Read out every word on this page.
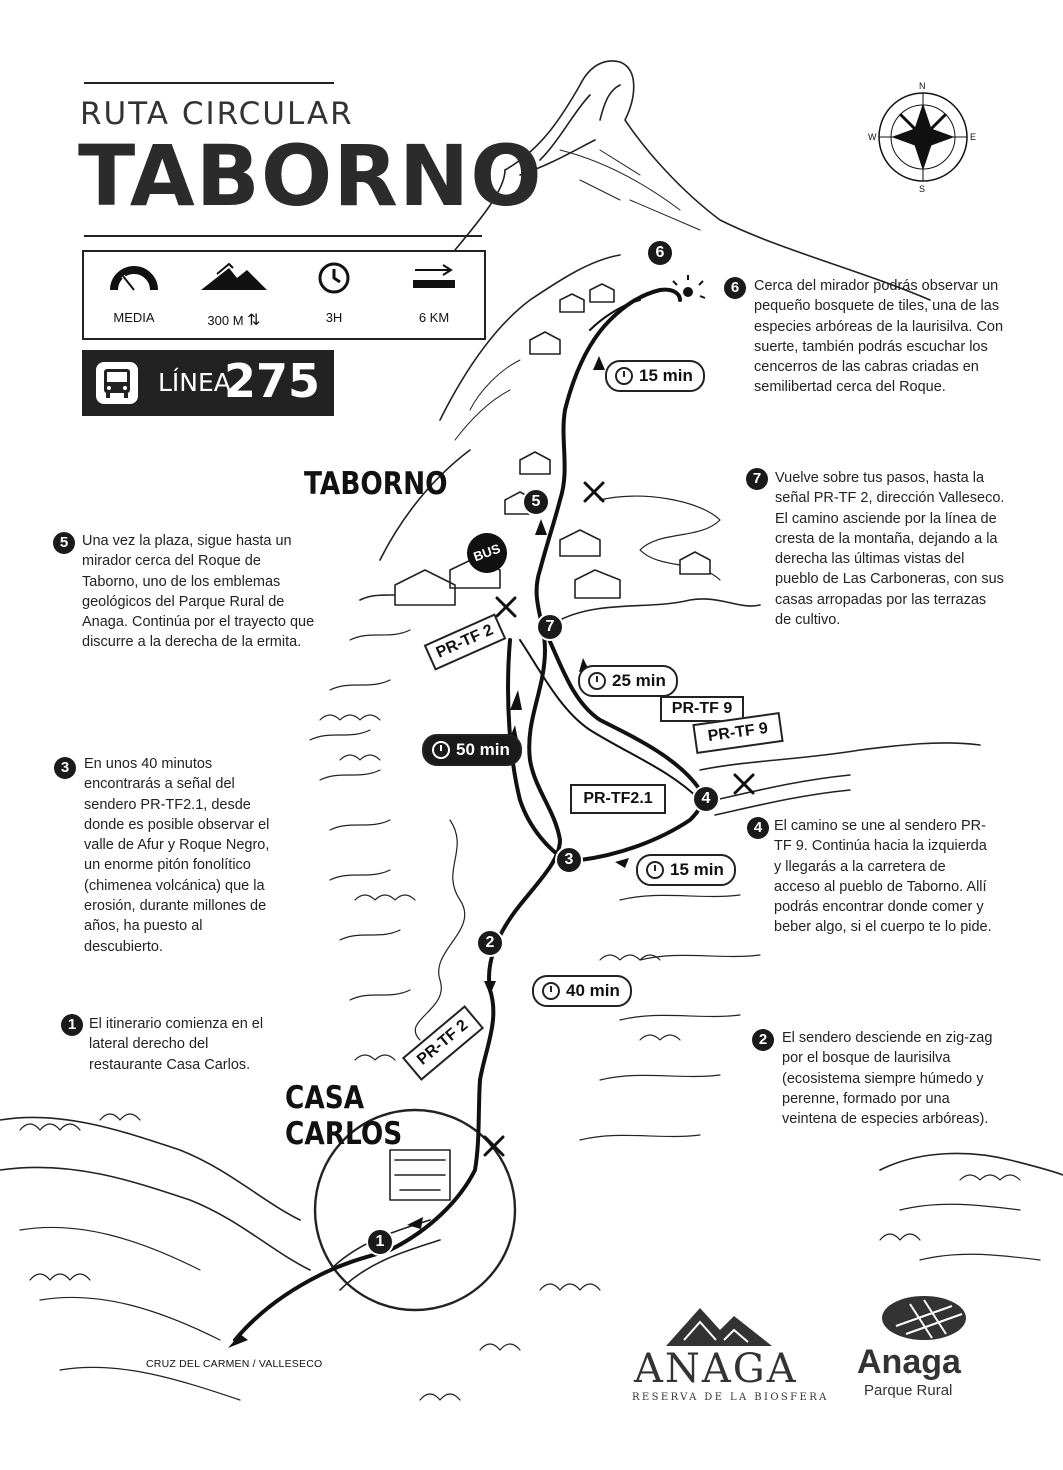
RUTA CIRCULAR
TABORNO
MEDIA	300 M ⇅	3H	6 KM
LÍNEA
275
N
S
E
W
TABORNO
CASA
CARLOS
BUS
6	Cerca del mirador podrás observar un pequeño bosquete de tiles, una de las especies arbóreas de la laurisilva. Con suerte, también podrás escuchar los cencerros de las cabras criadas en semilibertad cerca del Roque.
7 Vuelve sobre tus pasos, hasta la señal PR-TF 2, dirección Valleseco. El camino asciende por la línea de cresta de la montaña, dejando a la derecha las últimas vistas del pueblo de Las Carboneras, con sus casas arropadas por las terrazas de cultivo.
5 Una vez la plaza, sigue hasta un mirador cerca del Roque de Taborno, uno de los emblemas geológicos del Parque Rural de Anaga. Continúa por el trayecto que discurre a la derecha de la ermita.
3	En unos 40 minutos encontrarás a señal del sendero PR-TF2.1, desde donde es posible observar el valle de Afur y Roque Negro, un enorme pitón fonolítico (chimenea volcánica) que la erosión, durante millones de años, ha puesto al descubierto.
4 El camino se une al sendero PR-TF 9. Continúa hacia la izquierda y llegarás a la carretera de acceso al pueblo de Taborno. Allí podrás encontrar donde comer y beber algo, si el cuerpo te lo pide.
1 El itinerario comienza en el lateral derecho del restaurante Casa Carlos.
2	El sendero desciende en zig-zag por el bosque de laurisilva (ecosistema siempre húmedo y perenne, formado por una veintena de especies arbóreas).
6
5
7
4
3
2
1
15 min
25 min
50 min
15 min
40 min
PR-TF 2
PR-TF 9
PR-TF 9
PR-TF2.1
PR-TF 2
CRUZ DEL CARMEN / VALLESECO	ANAGA
RESERVA DE LA BIOSFERA
Anaga
Parque Rural
